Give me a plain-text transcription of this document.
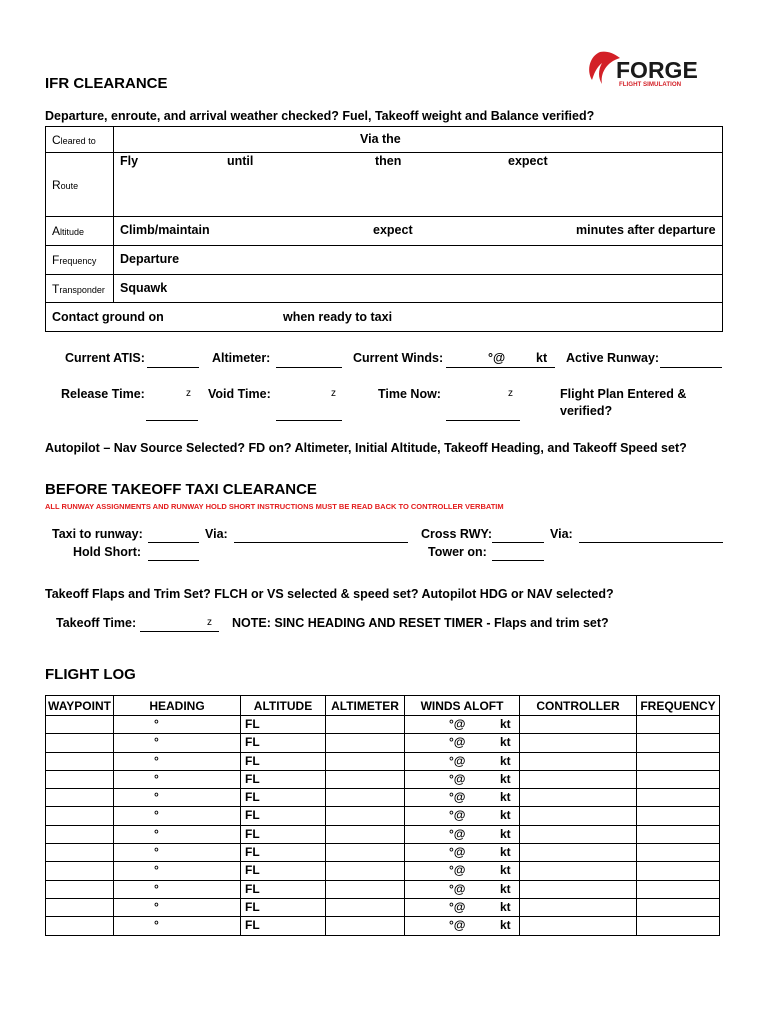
FORGE
FLIGHT SIMULATION
IFR CLEARANCE
Departure, enroute, and arrival weather checked? Fuel, Takeoff weight and Balance verified?
Cleared to	Via the
Route
Fly	until	then	expect
Altitude	Climb/maintain	expect	minutes after departure
Frequency Departure
Transponder Squawk
Contact ground on	when ready to taxi
Current ATIS:	Altimeter:	Current Winds:	°@ kt Active Runway:
Release Time:	z Void Time:	z	Time Now:	z	Flight Plan Entered &
verified?
Autopilot – Nav Source Selected? FD on? Altimeter, Initial Altitude, Takeoff Heading, and Takeoff Speed set?
BEFORE TAKEOFF TAXI CLEARANCE
ALL RUNWAY ASSIGNMENTS AND RUNWAY HOLD SHORT INSTRUCTIONS MUST BE READ BACK TO CONTROLLER VERBATIM
Taxi to runway:	Via:	Cross RWY:	Via:
Hold Short:	Tower on:
Takeoff Flaps and Trim Set? FLCH or VS selected & speed set? Autopilot HDG or NAV selected?
Takeoff Time:	z NOTE: SINC HEADING AND RESET TIMER - Flaps and trim set?
FLIGHT LOG
WAYPOINT	HEADING	ALTITUDE	ALTIMETER	WINDS ALOFT	CONTROLLER	FREQUENCY

	°	FL		°@ kt		

	°	FL		°@ kt		

	°	FL		°@ kt		

	°	FL		°@ kt		

	°	FL		°@ kt		

	°	FL		°@ kt		

	°	FL		°@ kt		

	°	FL		°@ kt		

	°	FL		°@ kt		

	°	FL		°@ kt		

	°	FL		°@ kt		

	°	FL		°@ kt		
